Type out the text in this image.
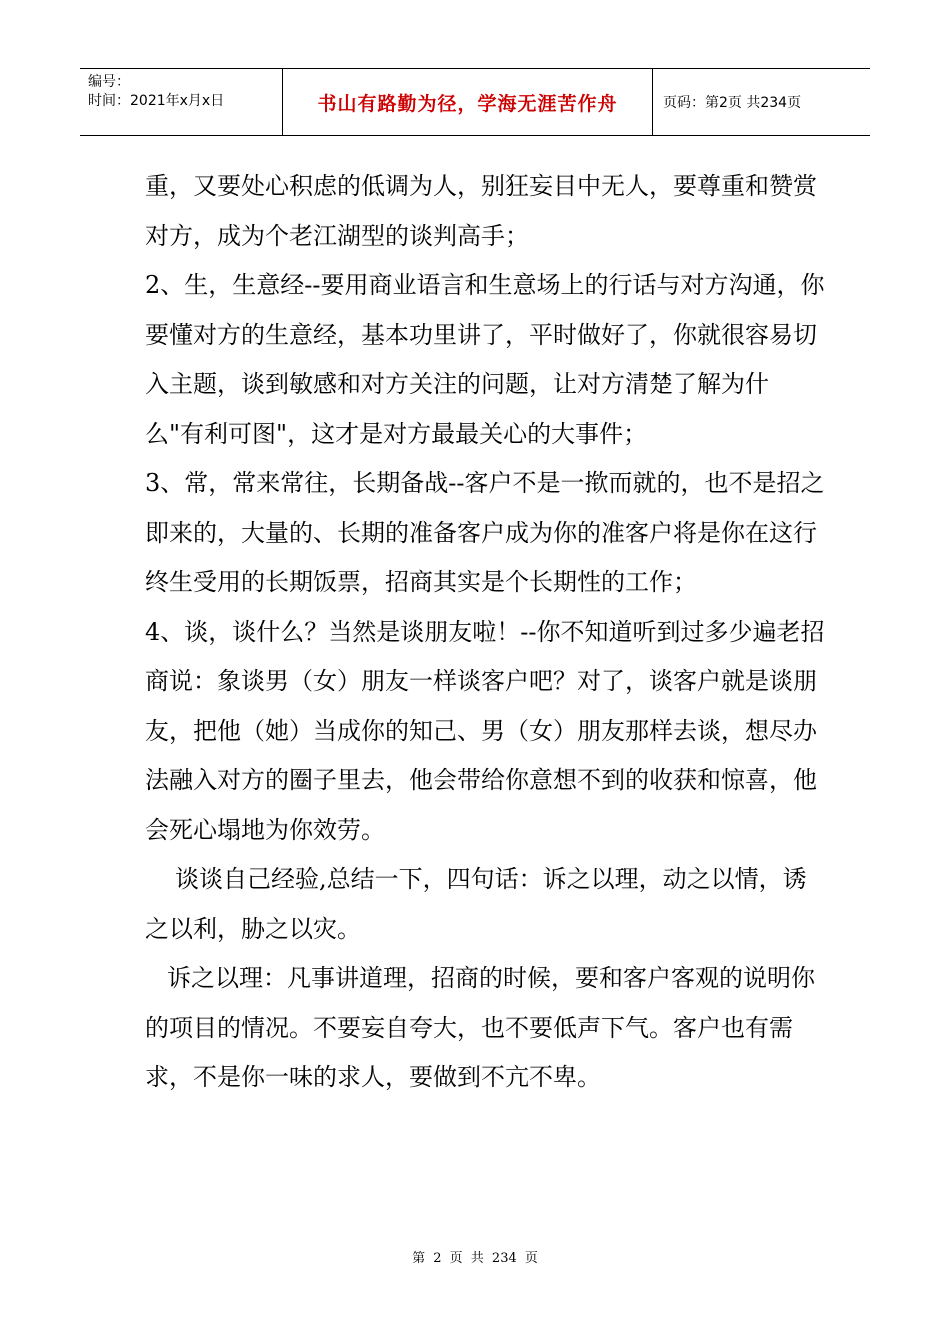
编号：
时间：2021年x月x日	书山有路勤为径，学海无涯苦作舟	页码：第2页 共234页

重，又要处心积虑的低调为人，别狂妄目中无人，要尊重和赞赏对方，成为个老江湖型的谈判高手；

2、生，生意经--要用商业语言和生意场上的行话与对方沟通，你要懂对方的生意经，基本功里讲了，平时做好了，你就很容易切入主题，谈到敏感和对方关注的问题，让对方清楚了解为什么"有利可图"，这才是对方最最关心的大事件；

3、常，常来常往，长期备战--客户不是一揿而就的，也不是招之即来的，大量的、长期的准备客户成为你的准客户将是你在这行终生受用的长期饭票，招商其实是个长期性的工作；

4、谈，谈什么？当然是谈朋友啦！--你不知道听到过多少遍老招商说：象谈男（女）朋友一样谈客户吧？对了，谈客户就是谈朋友，把他（她）当成你的知己、男（女）朋友那样去谈，想尽办法融入对方的圈子里去，他会带给你意想不到的收获和惊喜，他会死心塌地为你效劳。

谈谈自己经验,总结一下，四句话：诉之以理，动之以情，诱之以利，胁之以灾。

诉之以理：凡事讲道理，招商的时候，要和客户客观的说明你的项目的情况。不要妄自夸大，也不要低声下气。客户也有需求，不是你一味的求人，要做到不亢不卑。

第 2 页 共 234 页
